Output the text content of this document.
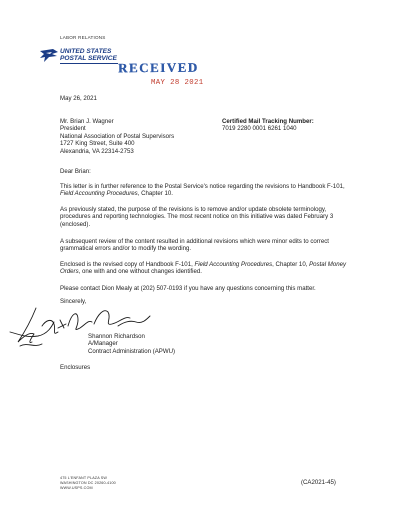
LABOR RELATIONS
UNITED STATES
POSTAL SERVICE
RECEIVED
MAY 28 2021
May 26, 2021
Mr. Brian J. Wagner
President
National Association of Postal Supervisors
1727 King Street, Suite 400
Alexandria, VA 22314-2753
Certified Mail Tracking Number:
7019 2280 0001 6261 1040
Dear Brian:

This letter is in further reference to the Postal Service's notice regarding the revisions to Handbook F-101, Field Accounting Procedures, Chapter 10.

As previously stated, the purpose of the revisions is to remove and/or update obsolete terminology, procedures and reporting technologies. The most recent notice on this initiative was dated February 3 (enclosed).

A subsequent review of the content resulted in additional revisions which were minor edits to correct grammatical errors and/or to modify the wording.

Enclosed is the revised copy of Handbook F-101, Field Accounting Procedures, Chapter 10, Postal Money Orders, one with and one without changes identified.

Please contact Dion Mealy at (202) 507-0193 if you have any questions concerning this matter.

Sincerely,
Shannon Richardson
A/Manager
Contract Administration (APWU)
Enclosures
475 L'ENFANT PLAZA SW
WASHINGTON DC 20260-4100
WWW.USPS.COM
(CA2021-45)
